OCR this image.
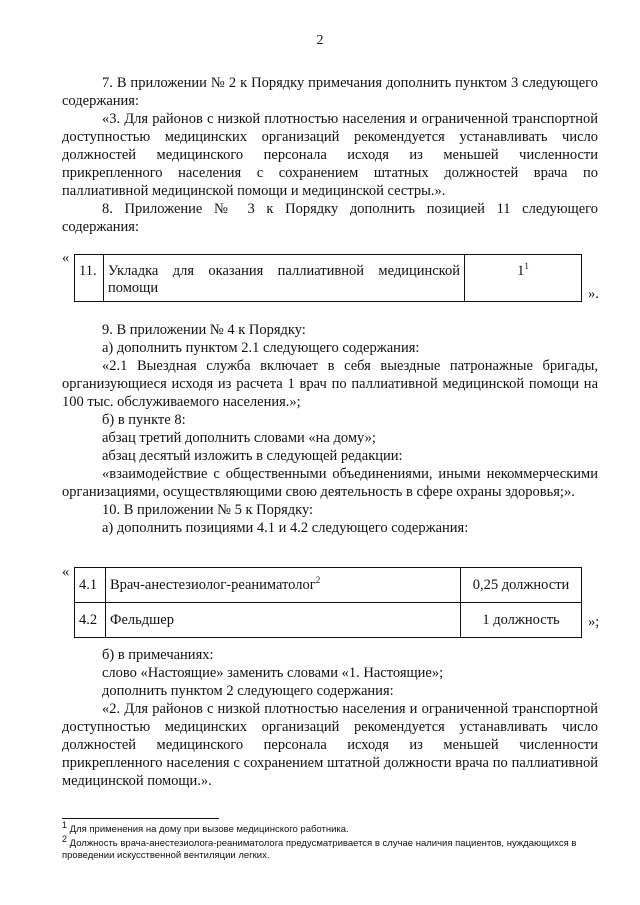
2

7. В приложении № 2 к Порядку примечания дополнить пунктом 3 следующего содержания:

«3. Для районов с низкой плотностью населения и ограниченной транспортной доступностью медицинских организаций рекомендуется устанавливать число должностей медицинского персонала исходя из меньшей численности прикрепленного населения с сохранением штатных должностей врача по паллиативной медицинской помощи и медицинской сестры.».

8. Приложение № 3 к Порядку дополнить позицией 11 следующего содержания:

«
11.	Укладка для оказания паллиативной медицинской помощи	$1^1$
».

9. В приложении № 4 к Порядку:

а) дополнить пунктом 2.1 следующего содержания:

«2.1 Выездная служба включает в себя выездные патронажные бригады, организующиеся исходя из расчета 1 врач по паллиативной медицинской помощи на 100 тыс. обслуживаемого населения.»;

б) в пункте 8:

абзац третий дополнить словами «на дому»;

абзац десятый изложить в следующей редакции:

«взаимодействие с общественными объединениями, иными некоммерческими организациями, осуществляющими свою деятельность в сфере охраны здоровья;».

10. В приложении № 5 к Порядку:

а) дополнить позициями 4.1 и 4.2 следующего содержания:

«
4.1	Врач-анестезиолог-реаниматолог$^2$	0,25 должности
4.2	Фельдшер	1 должность »;

б) в примечаниях:

слово «Настоящие» заменить словами «1. Настоящие»;

дополнить пунктом 2 следующего содержания:

«2. Для районов с низкой плотностью населения и ограниченной транспортной доступностью медицинских организаций рекомендуется устанавливать число должностей медицинского персонала исходя из меньшей численности прикрепленного населения с сохранением штатной должности врача по паллиативной медицинской помощи.».

1 Для применения на дому при вызове медицинского работника.

2 Должность врача-анестезиолога-реаниматолога предусматривается в случае наличия пациентов, нуждающихся в проведении искусственной вентиляции легких.
